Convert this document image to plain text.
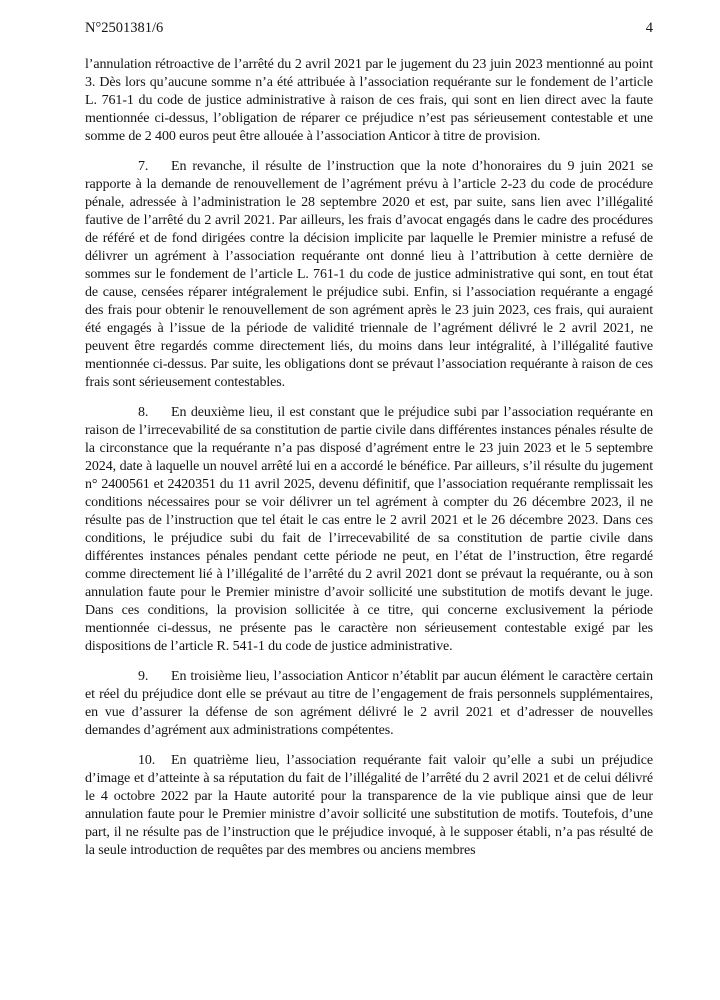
N°2501381/6	4

l’annulation rétroactive de l’arrêté du 2 avril 2021 par le jugement du 23 juin 2023 mentionné au point 3. Dès lors qu’aucune somme n’a été attribuée à l’association requérante sur le fondement de l’article L. 761-1 du code de justice administrative à raison de ces frais, qui sont en lien direct avec la faute mentionnée ci-dessus, l’obligation de réparer ce préjudice n’est pas sérieusement contestable et une somme de 2 400 euros peut être allouée à l’association Anticor à titre de provision.

7. En revanche, il résulte de l’instruction que la note d’honoraires du 9 juin 2021 se rapporte à la demande de renouvellement de l’agrément prévu à l’article 2-23 du code de procédure pénale, adressée à l’administration le 28 septembre 2020 et est, par suite, sans lien avec l’illégalité fautive de l’arrêté du 2 avril 2021. Par ailleurs, les frais d’avocat engagés dans le cadre des procédures de référé et de fond dirigées contre la décision implicite par laquelle le Premier ministre a refusé de délivrer un agrément à l’association requérante ont donné lieu à l’attribution à cette dernière de sommes sur le fondement de l’article L. 761-1 du code de justice administrative qui sont, en tout état de cause, censées réparer intégralement le préjudice subi. Enfin, si l’association requérante a engagé des frais pour obtenir le renouvellement de son agrément après le 23 juin 2023, ces frais, qui auraient été engagés à l’issue de la période de validité triennale de l’agrément délivré le 2 avril 2021, ne peuvent être regardés comme directement liés, du moins dans leur intégralité, à l’illégalité fautive mentionnée ci-dessus. Par suite, les obligations dont se prévaut l’association requérante à raison de ces frais sont sérieusement contestables.

8. En deuxième lieu, il est constant que le préjudice subi par l’association requérante en raison de l’irrecevabilité de sa constitution de partie civile dans différentes instances pénales résulte de la circonstance que la requérante n’a pas disposé d’agrément entre le 23 juin 2023 et le 5 septembre 2024, date à laquelle un nouvel arrêté lui en a accordé le bénéfice. Par ailleurs, s’il résulte du jugement n° 2400561 et 2420351 du 11 avril 2025, devenu définitif, que l’association requérante remplissait les conditions nécessaires pour se voir délivrer un tel agrément à compter du 26 décembre 2023, il ne résulte pas de l’instruction que tel était le cas entre le 2 avril 2021 et le 26 décembre 2023. Dans ces conditions, le préjudice subi du fait de l’irrecevabilité de sa constitution de partie civile dans différentes instances pénales pendant cette période ne peut, en l’état de l’instruction, être regardé comme directement lié à l’illégalité de l’arrêté du 2 avril 2021 dont se prévaut la requérante, ou à son annulation faute pour le Premier ministre d’avoir sollicité une substitution de motifs devant le juge. Dans ces conditions, la provision sollicitée à ce titre, qui concerne exclusivement la période mentionnée ci-dessus, ne présente pas le caractère non sérieusement contestable exigé par les dispositions de l’article R. 541-1 du code de justice administrative.

9. En troisième lieu, l’association Anticor n’établit par aucun élément le caractère certain et réel du préjudice dont elle se prévaut au titre de l’engagement de frais personnels supplémentaires, en vue d’assurer la défense de son agrément délivré le 2 avril 2021 et d’adresser de nouvelles demandes d’agrément aux administrations compétentes.

10. En quatrième lieu, l’association requérante fait valoir qu’elle a subi un préjudice d’image et d’atteinte à sa réputation du fait de l’illégalité de l’arrêté du 2 avril 2021 et de celui délivré le 4 octobre 2022 par la Haute autorité pour la transparence de la vie publique ainsi que de leur annulation faute pour le Premier ministre d’avoir sollicité une substitution de motifs. Toutefois, d’une part, il ne résulte pas de l’instruction que le préjudice invoqué, à le supposer établi, n’a pas résulté de la seule introduction de requêtes par des membres ou anciens membres
